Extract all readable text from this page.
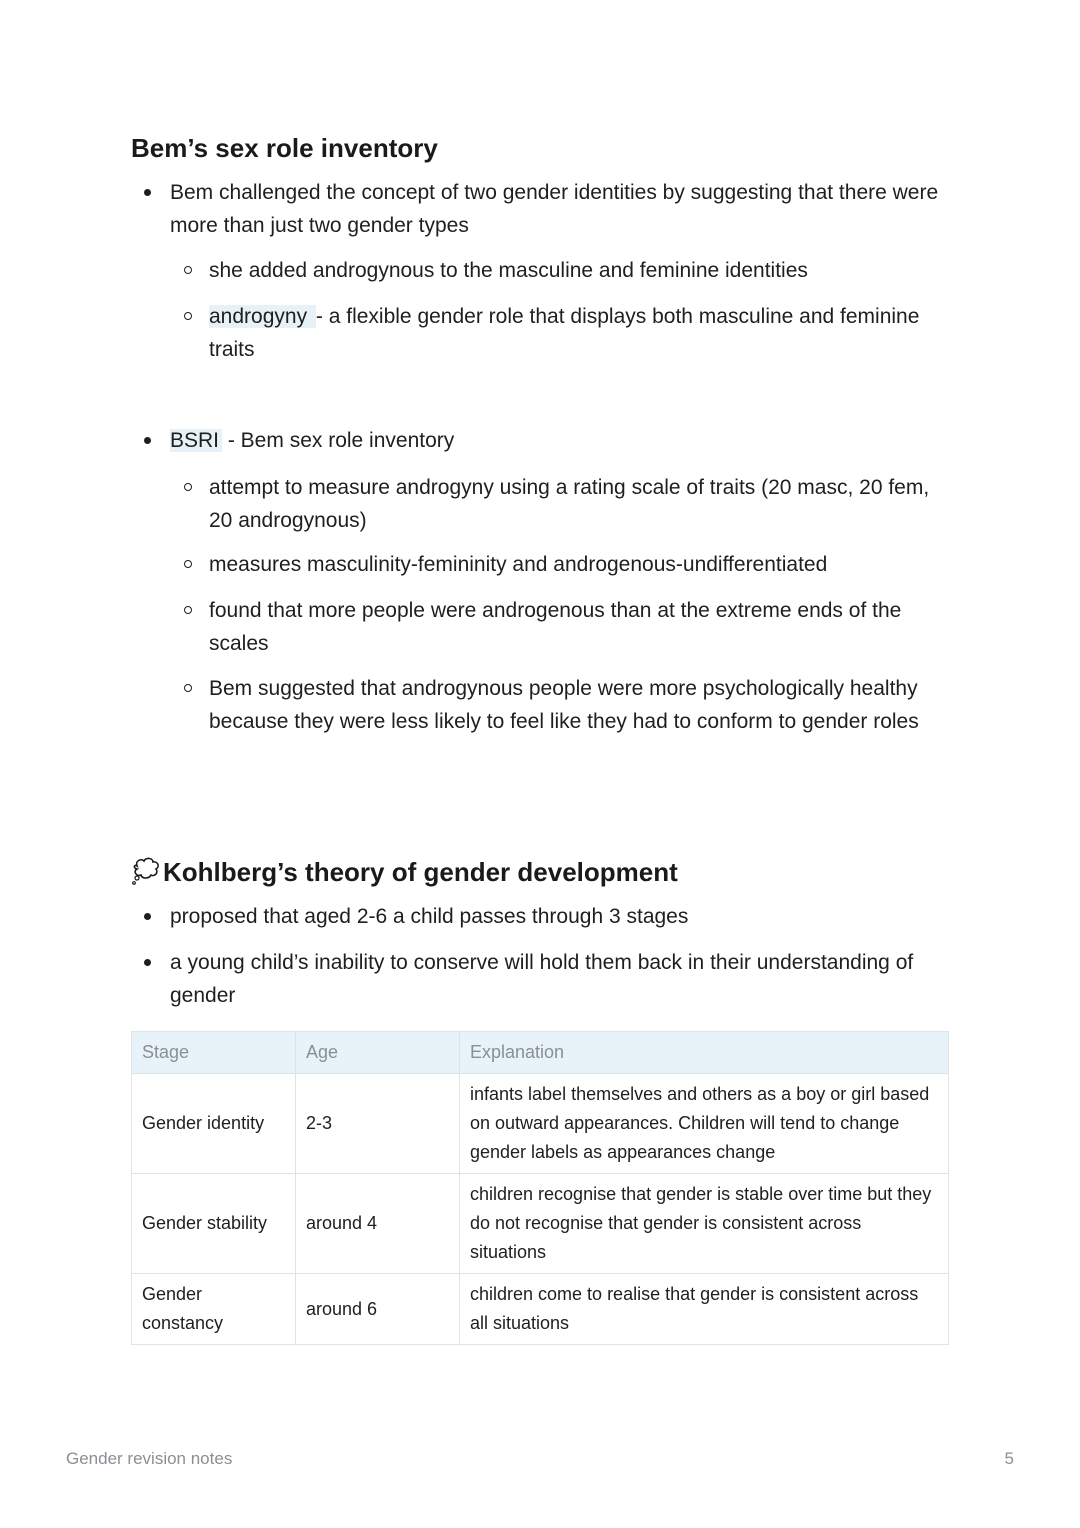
Bem’s sex role inventory
Bem challenged the concept of two gender identities by suggesting that there were more than just two gender types
she added androgynous to the masculine and feminine identities
androgyny - a flexible gender role that displays both masculine and feminine traits
BSRI - Bem sex role inventory
attempt to measure androgyny using a rating scale of traits (20 masc, 20 fem, 20 androgynous)
measures masculinity-femininity and androgenous-undifferentiated
found that more people were androgenous than at the extreme ends of the scales
Bem suggested that androgynous people were more psychologically healthy because they were less likely to feel like they had to conform to gender roles
Kohlberg’s theory of gender development
proposed that aged 2-6 a child passes through 3 stages
a young child’s inability to conserve will hold them back in their understanding of gender
Stage	Age	Explanation
Gender identity	2-3	infants label themselves and others as a boy or girl based on outward appearances. Children will tend to change gender labels as appearances change
Gender stability	around 4	children recognise that gender is stable over time but they do not recognise that gender is consistent across situations
Gender constancy	around 6	children come to realise that gender is consistent across all situations
Gender revision notes	5
